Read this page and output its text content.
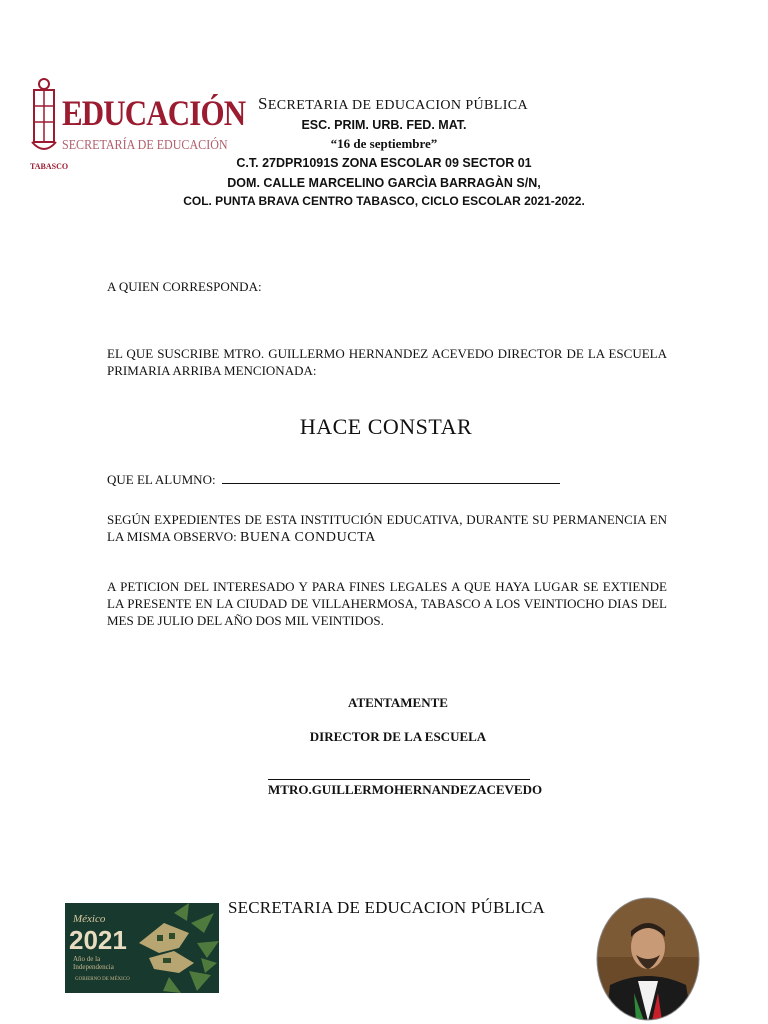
EDUCACIÓN
SECRETARÍA DE EDUCACIÓN
TABASCO
SECRETARIA DE EDUCACION PÚBLICA
ESC. PRIM. URB. FED. MAT.
“16 de septiembre”
C.T. 27DPR1091S ZONA ESCOLAR 09 SECTOR 01
DOM. CALLE MARCELINO GARCÌA BARRAGÀN S/N,
COL. PUNTA BRAVA CENTRO TABASCO, CICLO ESCOLAR 2021-2022.
A QUIEN CORRESPONDA:
EL QUE SUSCRIBE MTRO. GUILLERMO HERNANDEZ ACEVEDO DIRECTOR DE LA ESCUELA PRIMARIA ARRIBA MENCIONADA:
HACE CONSTAR
QUE EL ALUMNO:
SEGÚN EXPEDIENTES DE ESTA INSTITUCIÓN EDUCATIVA, DURANTE SU PERMANENCIA EN LA MISMA OBSERVO: BUENA CONDUCTA
A PETICION DEL INTERESADO Y PARA FINES LEGALES A QUE HAYA LUGAR SE EXTIENDE LA PRESENTE EN LA CIUDAD DE VILLAHERMOSA, TABASCO A LOS VEINTIOCHO DIAS DEL MES DE JULIO DEL AÑO DOS MIL VEINTIDOS.
ATENTAMENTE
DIRECTOR DE LA ESCUELA
MTRO.GUILLERMOHERNANDEZACEVEDO
México
2021
Año de la Independencia
GOBIERNO DE MÉXICO
SECRETARIA DE EDUCACION PÚBLICA
